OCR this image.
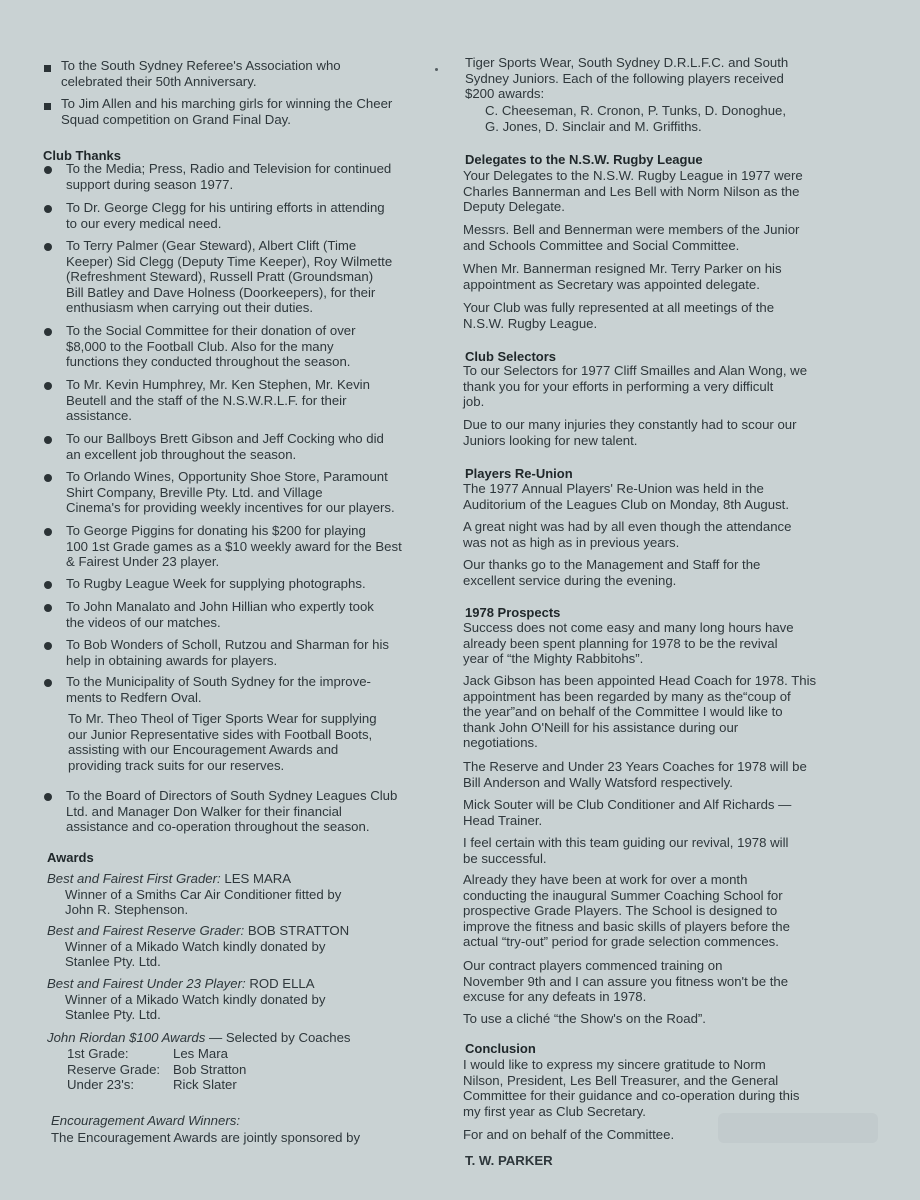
To the South Sydney Referee's Association who
celebrated their 50th Anniversary.
To Jim Allen and his marching girls for winning the Cheer
Squad competition on Grand Final Day.
Club Thanks
To the Media; Press, Radio and Television for continued
support during season 1977.
To Dr. George Clegg for his untiring efforts in attending
to our every medical need.
To Terry Palmer (Gear Steward), Albert Clift (Time
Keeper) Sid Clegg (Deputy Time Keeper), Roy Wilmette
(Refreshment Steward), Russell Pratt (Groundsman)
Bill Batley and Dave Holness (Doorkeepers), for their
enthusiasm when carrying out their duties.
To the Social Committee for their donation of over
$8,000 to the Football Club. Also for the many
functions they conducted throughout the season.
To Mr. Kevin Humphrey, Mr. Ken Stephen, Mr. Kevin
Beutell and the staff of the N.S.W.R.L.F. for their
assistance.
To our Ballboys Brett Gibson and Jeff Cocking who did
an excellent job throughout the season.
To Orlando Wines, Opportunity Shoe Store, Paramount
Shirt Company, Breville Pty. Ltd. and Village
Cinema's for providing weekly incentives for our players.
To George Piggins for donating his $200 for playing
100 1st Grade games as a $10 weekly award for the Best
& Fairest Under 23 player.
To Rugby League Week for supplying photographs.
To John Manalato and John Hillian who expertly took
the videos of our matches.
To Bob Wonders of Scholl, Rutzou and Sharman for his
help in obtaining awards for players.
To the Municipality of South Sydney for the improve-
ments to Redfern Oval.
To Mr. Theo Theol of Tiger Sports Wear for supplying
our Junior Representative sides with Football Boots,
assisting with our Encouragement Awards and
providing track suits for our reserves.
To the Board of Directors of South Sydney Leagues Club
Ltd. and Manager Don Walker for their financial
assistance and co-operation throughout the season.
Awards
Best and Fairest First Grader: LES MARA
Winner of a Smiths Car Air Conditioner fitted by
John R. Stephenson.
Best and Fairest Reserve Grader: BOB STRATTON
Winner of a Mikado Watch kindly donated by
Stanlee Pty. Ltd.
Best and Fairest Under 23 Player: ROD ELLA
Winner of a Mikado Watch kindly donated by
Stanlee Pty. Ltd.
John Riordan $100 Awards — Selected by Coaches
1st Grade:	Les Mara
Reserve Grade: Bob Stratton
Under 23's:	Rick Slater
Encouragement Award Winners:
The Encouragement Awards are jointly sponsored by
Tiger Sports Wear, South Sydney D.R.L.F.C. and South
Sydney Juniors. Each of the following players received
$200 awards:
C. Cheeseman, R. Cronon, P. Tunks, D. Donoghue,
G. Jones, D. Sinclair and M. Griffiths.
Delegates to the N.S.W. Rugby League
Your Delegates to the N.S.W. Rugby League in 1977 were
Charles Bannerman and Les Bell with Norm Nilson as the
Deputy Delegate.
Messrs. Bell and Bennerman were members of the Junior
and Schools Committee and Social Committee.
When Mr. Bannerman resigned Mr. Terry Parker on his
appointment as Secretary was appointed delegate.
Your Club was fully represented at all meetings of the
N.S.W. Rugby League.
Club Selectors
To our Selectors for 1977 Cliff Smailles and Alan Wong, we
thank you for your efforts in performing a very difficult
job.
Due to our many injuries they constantly had to scour our
Juniors looking for new talent.
Players Re-Union
The 1977 Annual Players' Re-Union was held in the
Auditorium of the Leagues Club on Monday, 8th August.
A great night was had by all even though the attendance
was not as high as in previous years.
Our thanks go to the Management and Staff for the
excellent service during the evening.
1978 Prospects
Success does not come easy and many long hours have
already been spent planning for 1978 to be the revival
year of “the Mighty Rabbitohs”.
Jack Gibson has been appointed Head Coach for 1978. This
appointment has been regarded by many as the“coup of
the year”and on behalf of the Committee I would like to
thank John O'Neill for his assistance during our
negotiations.
The Reserve and Under 23 Years Coaches for 1978 will be
Bill Anderson and Wally Watsford respectively.
Mick Souter will be Club Conditioner and Alf Richards —
Head Trainer.
I feel certain with this team guiding our revival, 1978 will
be successful.
Already they have been at work for over a month
conducting the inaugural Summer Coaching School for
prospective Grade Players. The School is designed to
improve the fitness and basic skills of players before the
actual “try-out” period for grade selection commences.
Our contract players commenced training on
November 9th and I can assure you fitness won't be the
excuse for any defeats in 1978.
To use a cliché “the Show's on the Road”.
Conclusion
I would like to express my sincere gratitude to Norm
Nilson, President, Les Bell Treasurer, and the General
Committee for their guidance and co-operation during this
my first year as Club Secretary.
For and on behalf of the Committee.
T. W. PARKER
